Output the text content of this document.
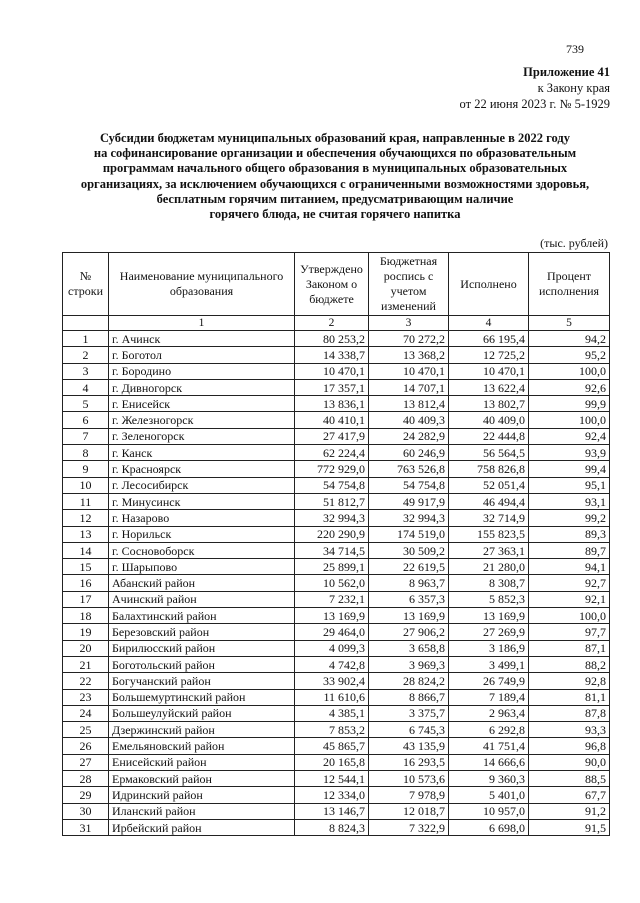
739
Приложение 41
к Закону края
от 22 июня 2023 г. № 5-1929
Субсидии бюджетам муниципальных образований края, направленные в 2022 году
на софинансирование организации и обеспечения обучающихся по образовательным
программам начального общего образования в муниципальных образовательных
организациях, за исключением обучающихся с ограниченными возможностями здоровья,
бесплатным горячим питанием, предусматривающим наличие
горячего блюда, не считая горячего напитка
(тыс. рублей)
№ строки	Наименование муниципального образования	Утверждено Законом о бюджете	Бюджетная роспись с учетом изменений	Исполнено	Процент исполнения
	1	2	3	4	5
1	г. Ачинск	80 253,2	70 272,2	66 195,4	94,2
2	г. Боготол	14 338,7	13 368,2	12 725,2	95,2
3	г. Бородино	10 470,1	10 470,1	10 470,1	100,0
4	г. Дивногорск	17 357,1	14 707,1	13 622,4	92,6
5	г. Енисейск	13 836,1	13 812,4	13 802,7	99,9
6	г. Железногорск	40 410,1	40 409,3	40 409,0	100,0
7	г. Зеленогорск	27 417,9	24 282,9	22 444,8	92,4
8	г. Канск	62 224,4	60 246,9	56 564,5	93,9
9	г. Красноярск	772 929,0	763 526,8	758 826,8	99,4
10	г. Лесосибирск	54 754,8	54 754,8	52 051,4	95,1
11	г. Минусинск	51 812,7	49 917,9	46 494,4	93,1
12	г. Назарово	32 994,3	32 994,3	32 714,9	99,2
13	г. Норильск	220 290,9	174 519,0	155 823,5	89,3
14	г. Сосновоборск	34 714,5	30 509,2	27 363,1	89,7
15	г. Шарыпово	25 899,1	22 619,5	21 280,0	94,1
16	Абанский район	10 562,0	8 963,7	8 308,7	92,7
17	Ачинский район	7 232,1	6 357,3	5 852,3	92,1
18	Балахтинский район	13 169,9	13 169,9	13 169,9	100,0
19	Березовский район	29 464,0	27 906,2	27 269,9	97,7
20	Бирилюсский район	4 099,3	3 658,8	3 186,9	87,1
21	Боготольский район	4 742,8	3 969,3	3 499,1	88,2
22	Богучанский район	33 902,4	28 824,2	26 749,9	92,8
23	Большемуртинский район	11 610,6	8 866,7	7 189,4	81,1
24	Большеулуйский район	4 385,1	3 375,7	2 963,4	87,8
25	Дзержинский район	7 853,2	6 745,3	6 292,8	93,3
26	Емельяновский район	45 865,7	43 135,9	41 751,4	96,8
27	Енисейский район	20 165,8	16 293,5	14 666,6	90,0
28	Ермаковский район	12 544,1	10 573,6	9 360,3	88,5
29	Идринский район	12 334,0	7 978,9	5 401,0	67,7
30	Иланский район	13 146,7	12 018,7	10 957,0	91,2
31	Ирбейский район	8 824,3	7 322,9	6 698,0	91,5
